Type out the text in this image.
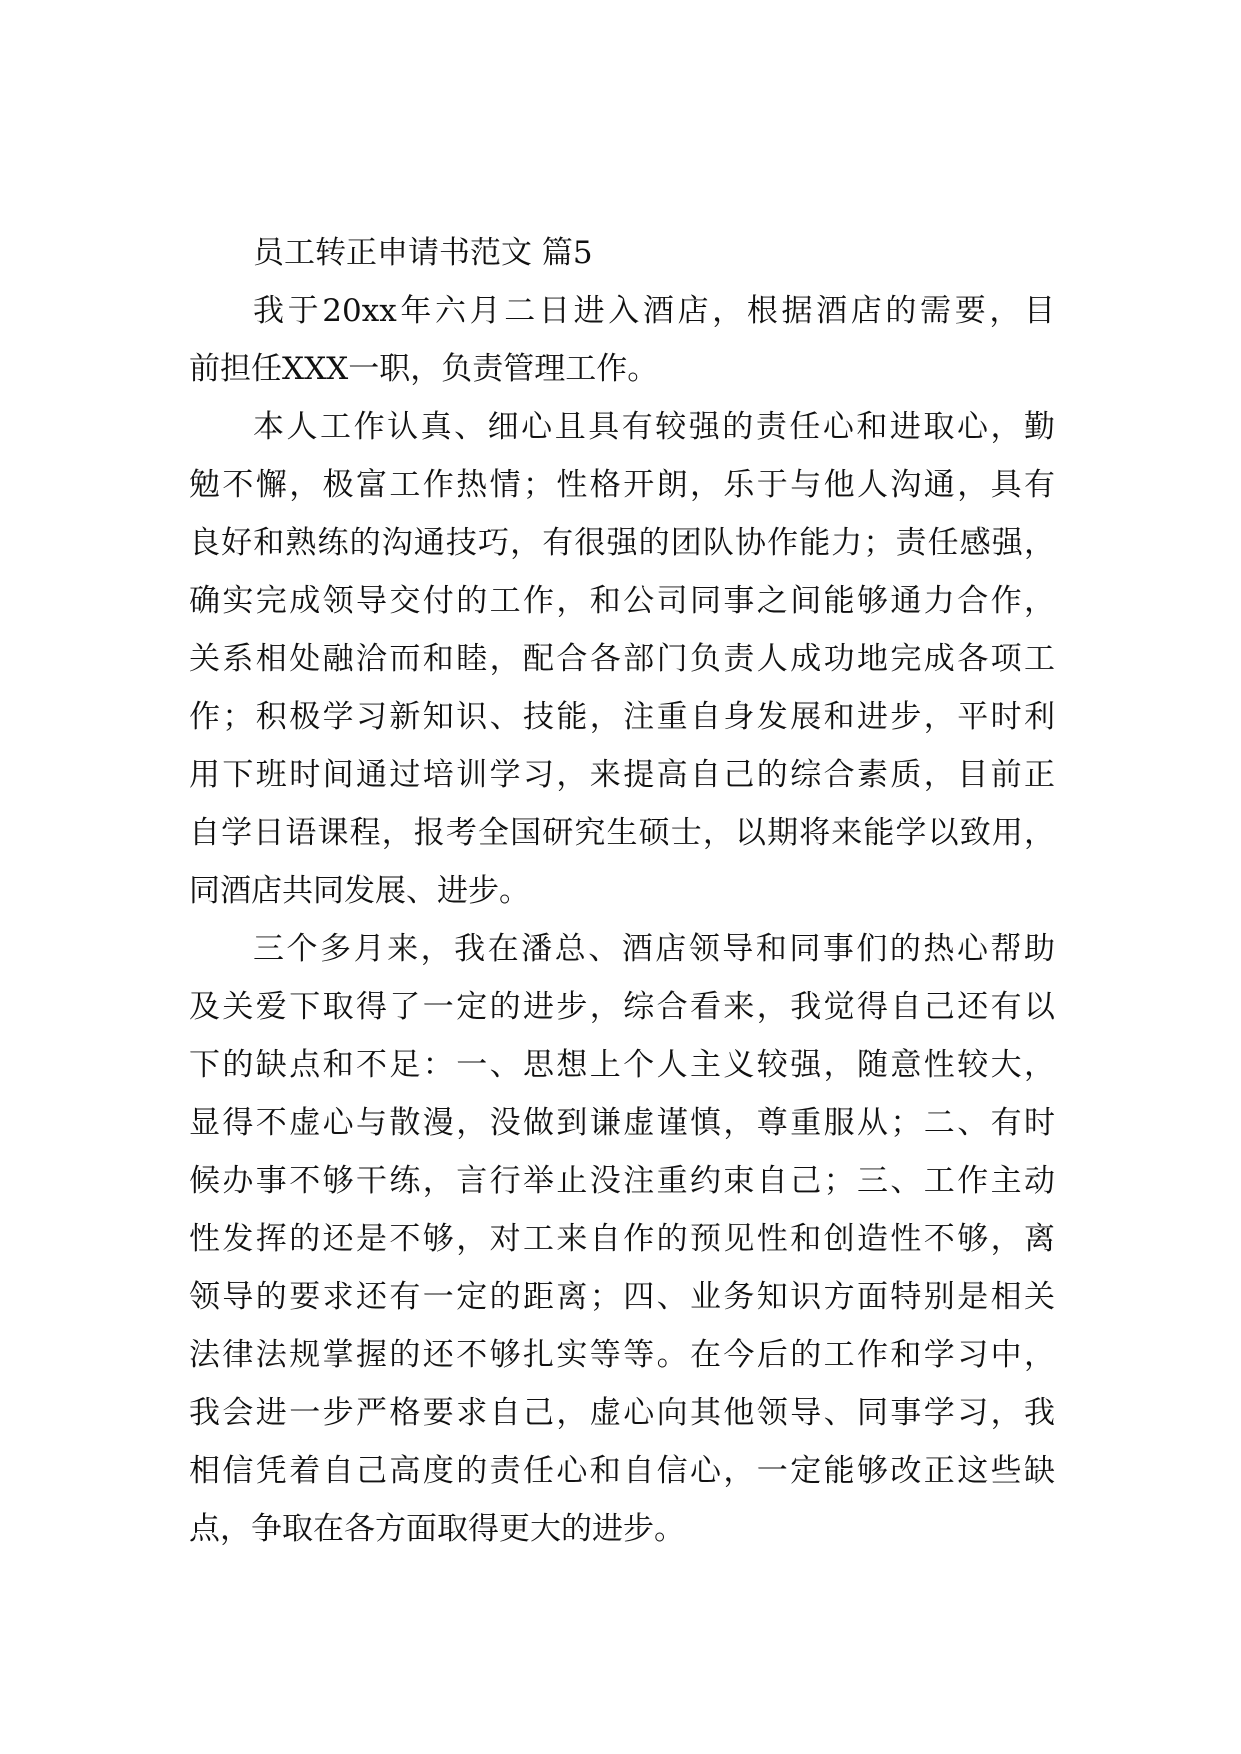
员工转正申请书范文 篇5
我于20xx年六月二日进入酒店，根据酒店的需要，目
前担任XXX一职，负责管理工作。
本人工作认真、细心且具有较强的责任心和进取心，勤
勉不懈，极富工作热情；性格开朗，乐于与他人沟通，具有
良好和熟练的沟通技巧，有很强的团队协作能力；责任感强，
确实完成领导交付的工作，和公司同事之间能够通力合作，
关系相处融洽而和睦，配合各部门负责人成功地完成各项工
作；积极学习新知识、技能，注重自身发展和进步，平时利
用下班时间通过培训学习，来提高自己的综合素质，目前正
自学日语课程，报考全国研究生硕士，以期将来能学以致用，
同酒店共同发展、进步。
三个多月来，我在潘总、酒店领导和同事们的热心帮助
及关爱下取得了一定的进步，综合看来，我觉得自己还有以
下的缺点和不足：一、思想上个人主义较强，随意性较大，
显得不虚心与散漫，没做到谦虚谨慎，尊重服从；二、有时
候办事不够干练，言行举止没注重约束自己；三、工作主动
性发挥的还是不够，对工来自作的预见性和创造性不够，离
领导的要求还有一定的距离；四、业务知识方面特别是相关
法律法规掌握的还不够扎实等等。在今后的工作和学习中，
我会进一步严格要求自己，虚心向其他领导、同事学习，我
相信凭着自己高度的责任心和自信心，一定能够改正这些缺
点，争取在各方面取得更大的进步。
